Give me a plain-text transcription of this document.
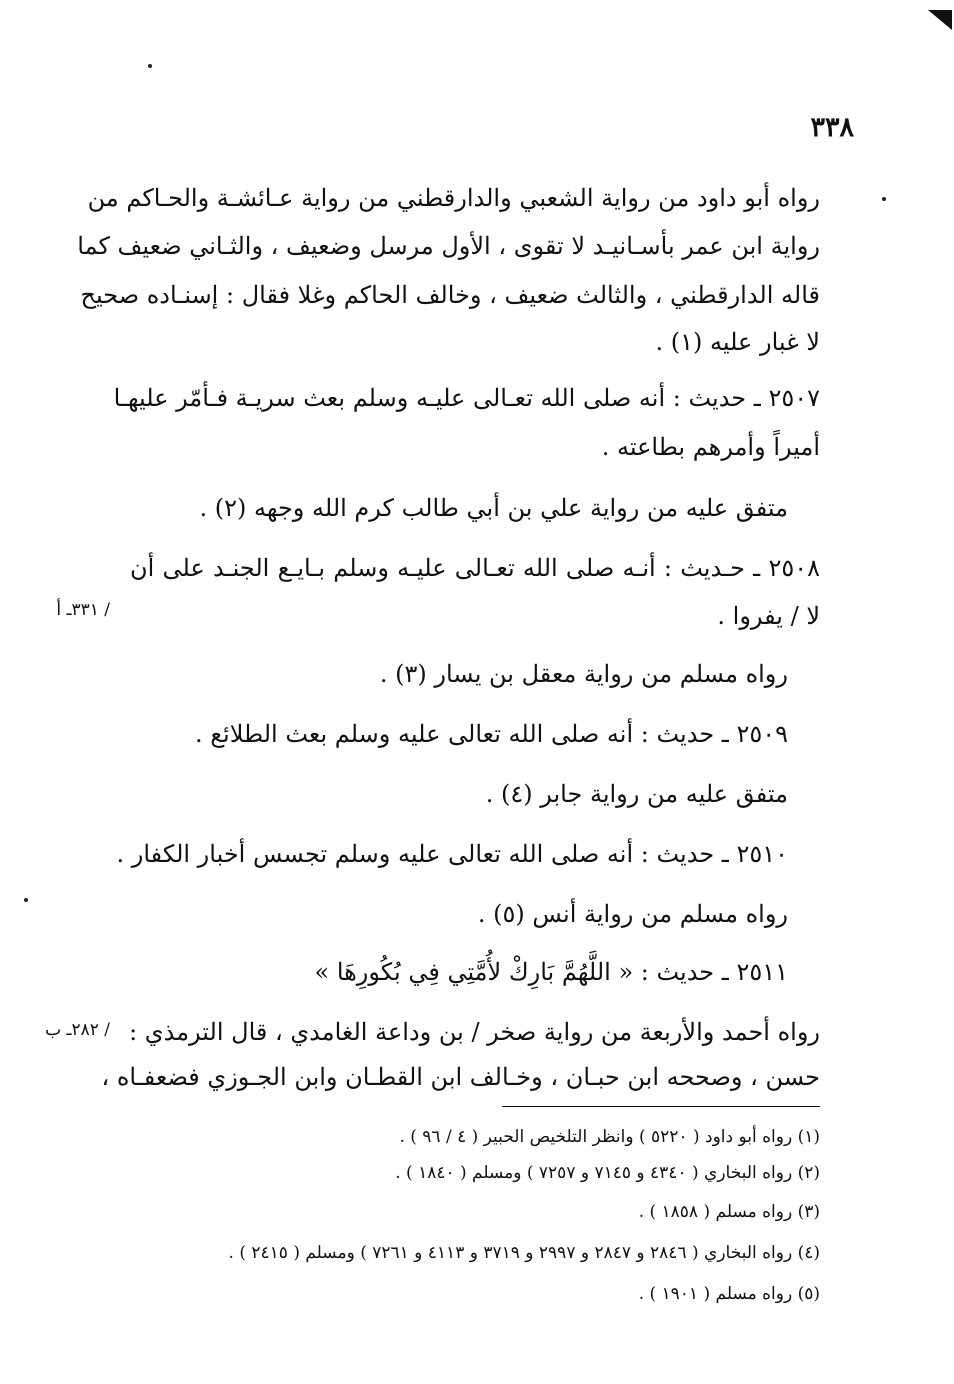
٣٣٨
/ ٣٣١ـ أ
/ ٢٨٢ـ ب
رواه أبو داود من رواية الشعبي والدارقطني من رواية عـائشـة والحـاكم من
رواية ابن عمر بأسـانيـد لا تقوى ، الأول مرسل وضعيف ، والثـاني ضعيف كما
قاله الدارقطني ، والثالث ضعيف ، وخالف الحاكم وغلا فقال : إسنـاده صحيح
لا غبار عليه (١) .
٢٥٠٧ ـ حديث : أنه صلى الله تعـالى عليـه وسلم بعث سريـة فـأمّر عليهـا
أميراً وأمرهم بطاعته .
متفق عليه من رواية علي بن أبي طالب كرم الله وجهه (٢) .
٢٥٠٨ ـ حـديث : أنـه صلى الله تعـالى عليـه وسلم بـايـع الجنـد على أن
لا / يفروا .
رواه مسلم من رواية معقل بن يسار (٣) .
٢٥٠٩ ـ حديث : أنه صلى الله تعالى عليه وسلم بعث الطلائع .
متفق عليه من رواية جابر (٤) .
٢٥١٠ ـ حديث : أنه صلى الله تعالى عليه وسلم تجسس أخبار الكفار .
رواه مسلم من رواية أنس (٥) .
٢٥١١ ـ حديث : « اللَّهُمَّ بَارِكْ لأُمَّتِي فِي بُكُورِهَا »
رواه أحمد والأربعة من رواية صخر / بن وداعة الغامدي ، قال الترمذي :
حسن ، وصححه ابن حبـان ، وخـالف ابن القطـان وابن الجـوزي فضعفـاه ،
(١) رواه أبو داود ( ٥٢٢٠ ) وانظر التلخيص الحبير ( ٤ / ٩٦ ) .
(٢) رواه البخاري ( ٤٣٤٠ و ٧١٤٥ و ٧٢٥٧ ) ومسلم ( ١٨٤٠ ) .
(٣) رواه مسلم ( ١٨٥٨ ) .
(٤) رواه البخاري ( ٢٨٤٦ و ٢٨٤٧ و ٢٩٩٧ و ٣٧١٩ و ٤١١٣ و ٧٢٦١ ) ومسلم ( ٢٤١٥ ) .
(٥) رواه مسلم ( ١٩٠١ ) .
